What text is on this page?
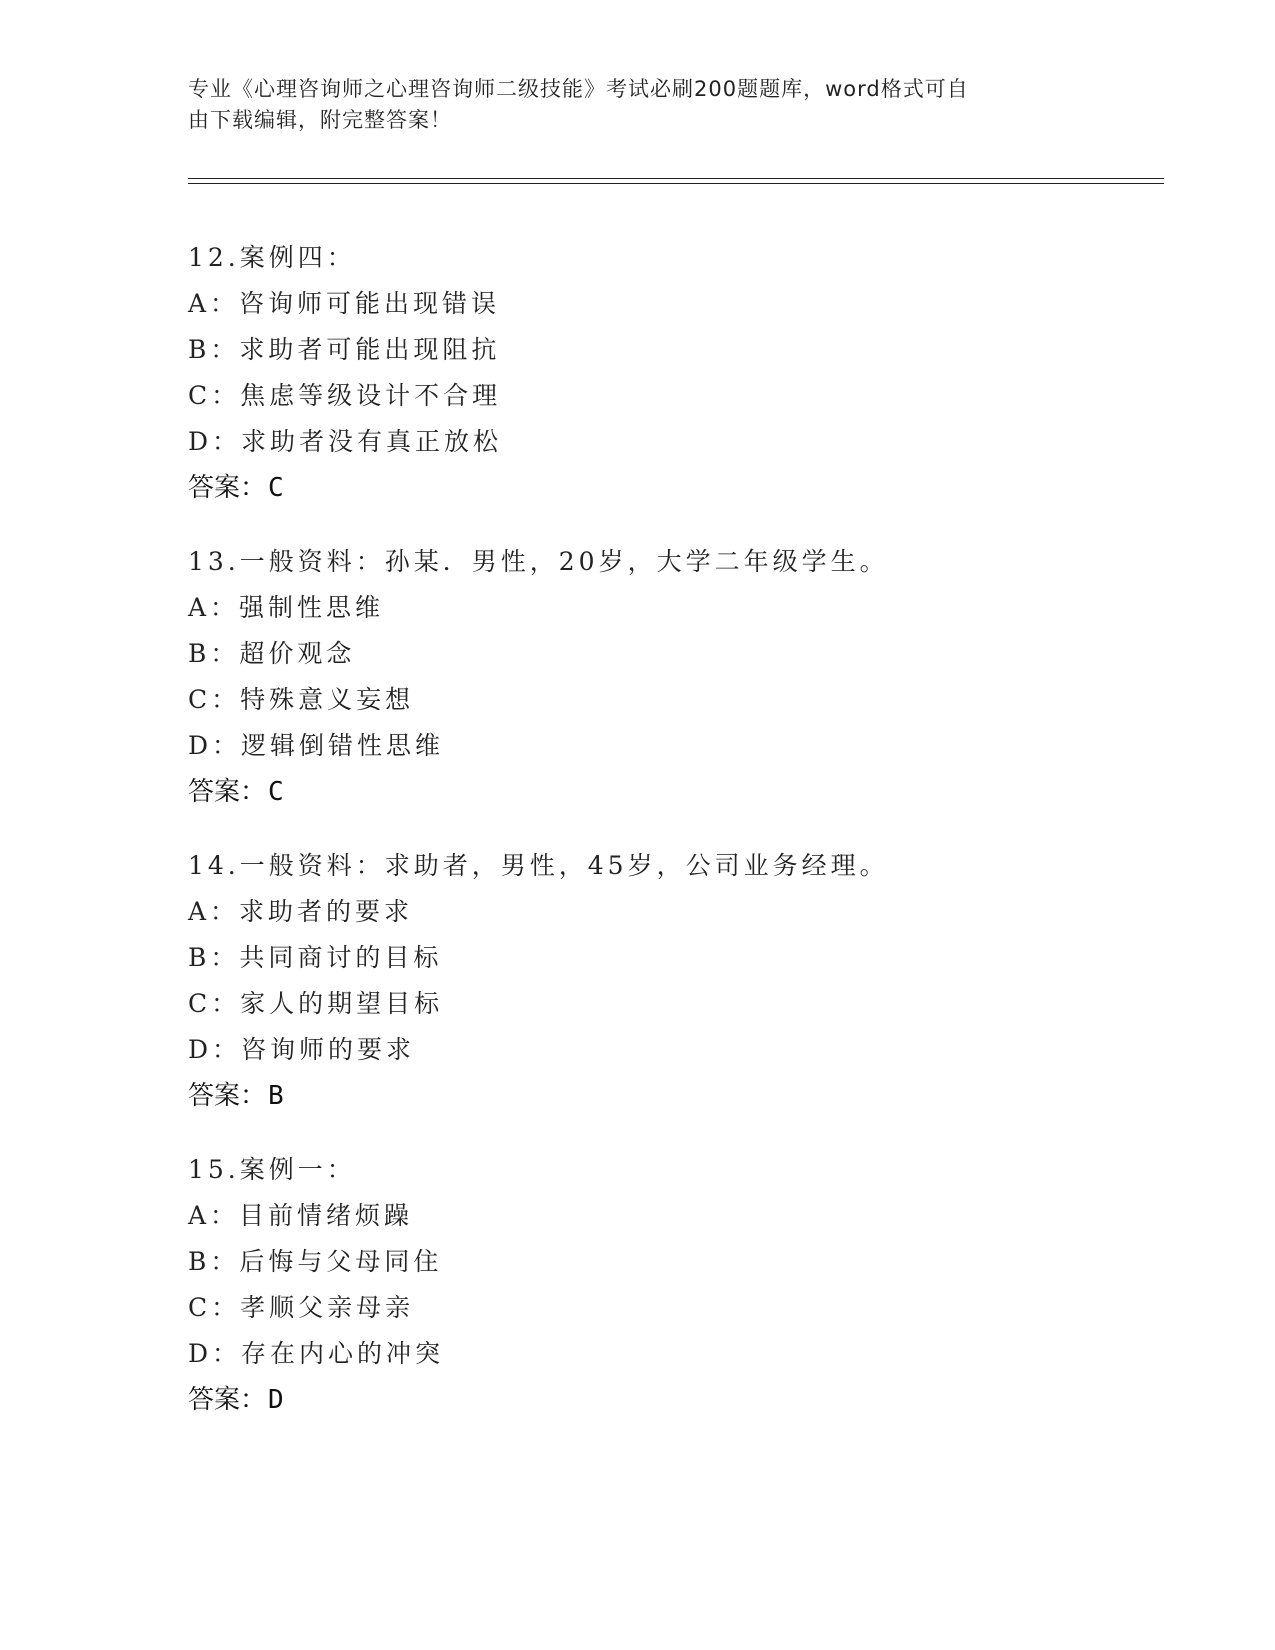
专业《心理咨询师之心理咨询师二级技能》考试必刷200题题库，word格式可自
由下载编辑，附完整答案！
12.案例四：
A：咨询师可能出现错误
B：求助者可能出现阻抗
C：焦虑等级设计不合理
D：求助者没有真正放松
答案：C
13.一般资料：孙某．男性，20岁，大学二年级学生。
A：强制性思维
B：超价观念
C：特殊意义妄想
D：逻辑倒错性思维
答案：C
14.一般资料：求助者，男性，45岁，公司业务经理。
A：求助者的要求
B：共同商讨的目标
C：家人的期望目标
D：咨询师的要求
答案：B
15.案例一：
A：目前情绪烦躁
B：后悔与父母同住
C：孝顺父亲母亲
D：存在内心的冲突
答案：D
